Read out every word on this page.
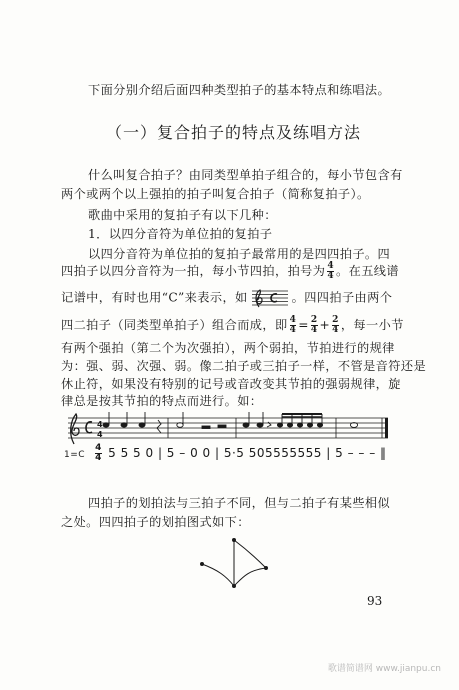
下面分别介绍后面四种类型拍子的基本特点和练唱法。
（一）复合拍子的特点及练唱方法
什么叫复合拍子？由同类型单拍子组合的，每小节包含有
两个或两个以上强拍的拍子叫复合拍子（简称复拍子）。
歌曲中采用的复拍子有以下几种：
1．以四分音符为单位拍的复拍子
以四分音符为单位拍的复拍子最常用的是四四拍子。四
四拍子以四分音符为一拍，每小节四拍，拍号为 $\frac{4}{4}$ 。在五线谱
记谱中，有时也用“C”来表示，如	。四四拍子由两个
四二拍子（同类型单拍子）组合而成，即 $\frac{4}{4} = \frac{2}{4} + \frac{2}{4}$ ，每一小节
有两个强拍（第二个为次强拍），两个弱拍，节拍进行的规律
为：强、弱、次强、弱。像二拍子或三拍子一样，不管是音符还是
休止符，如果没有特别的记号或音改变其节拍的强弱规律，旋
律总是按其节拍的特点而进行。如：
4
4
$1=C \frac{4}{4} 5$ 5 5 0 | 5 – 0 0 | 5·5 505555555 | 5 – – – ‖
四拍子的划拍法与三拍子不同，但与二拍子有某些相似
之处。四四拍子的划拍图式如下：
93
歌谱简谱网 www.jianpu.cn
